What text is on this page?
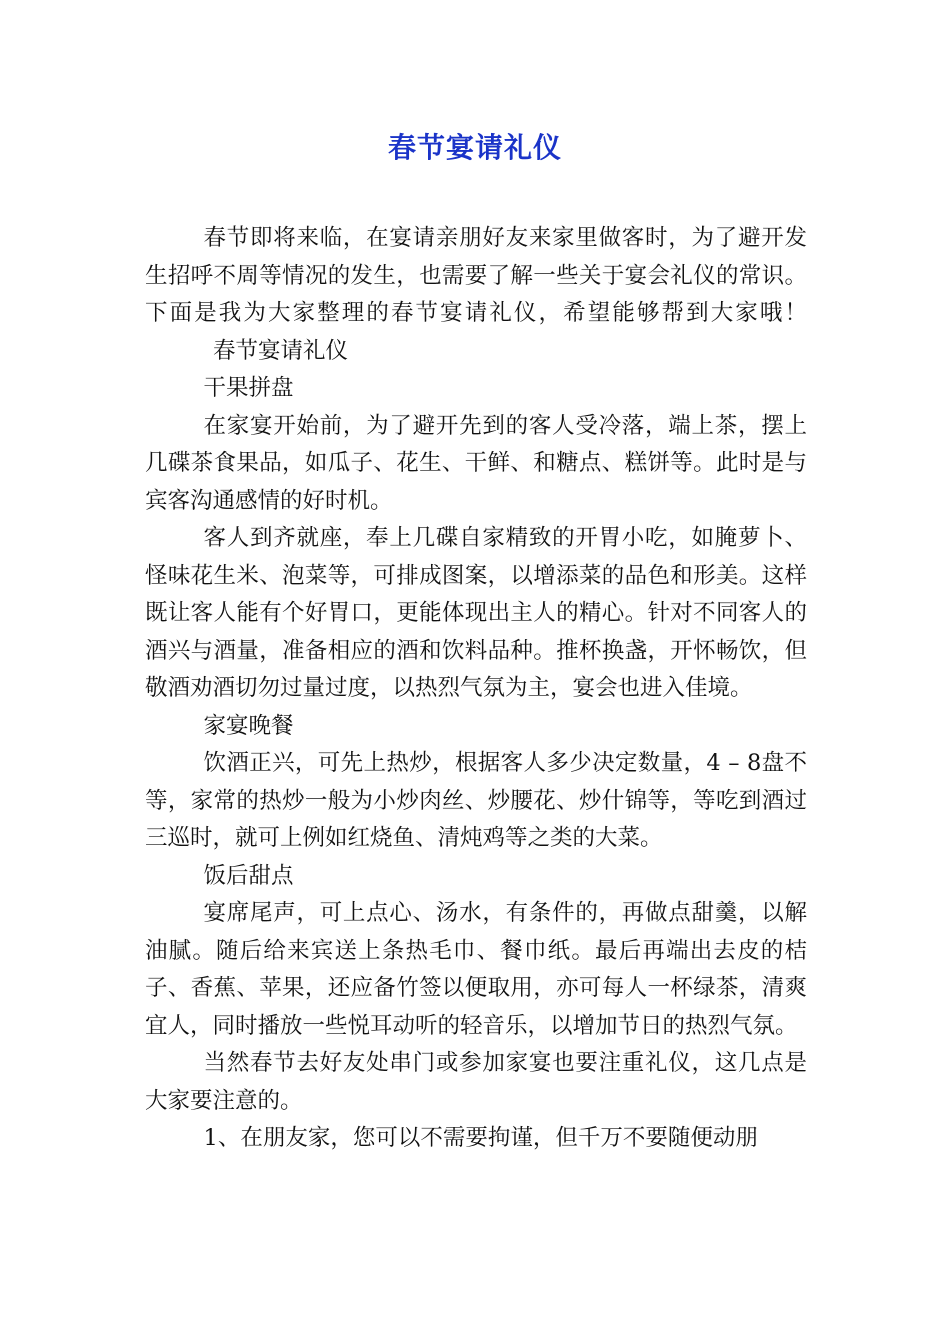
春节宴请礼仪

春节即将来临，在宴请亲朋好友来家里做客时，为了避开发生招呼不周等情况的发生，也需要了解一些关于宴会礼仪的常识。下面是我为大家整理的春节宴请礼仪，希望能够帮到大家哦！春节宴请礼仪

干果拼盘

在家宴开始前，为了避开先到的客人受冷落，端上茶，摆上几碟茶食果品，如瓜子、花生、干鲜、和糖点、糕饼等。此时是与宾客沟通感情的好时机。

客人到齐就座，奉上几碟自家精致的开胃小吃，如腌萝卜、怪味花生米、泡菜等，可排成图案，以增添菜的品色和形美。这样既让客人能有个好胃口，更能体现出主人的精心。针对不同客人的酒兴与酒量，准备相应的酒和饮料品种。推杯换盏，开怀畅饮，但敬酒劝酒切勿过量过度，以热烈气氛为主，宴会也进入佳境。

家宴晚餐

饮酒正兴，可先上热炒，根据客人多少决定数量，4 – 8盘不等，家常的热炒一般为小炒肉丝、炒腰花、炒什锦等，等吃到酒过三巡时，就可上例如红烧鱼、清炖鸡等之类的大菜。

饭后甜点

宴席尾声，可上点心、汤水，有条件的，再做点甜羹，以解油腻。随后给来宾送上条热毛巾、餐巾纸。最后再端出去皮的桔子、香蕉、苹果，还应备竹签以便取用，亦可每人一杯绿茶，清爽宜人，同时播放一些悦耳动听的轻音乐，以增加节日的热烈气氛。

当然春节去好友处串门或参加家宴也要注重礼仪，这几点是大家要注意的。

1、在朋友家，您可以不需要拘谨，但千万不要随便动朋
